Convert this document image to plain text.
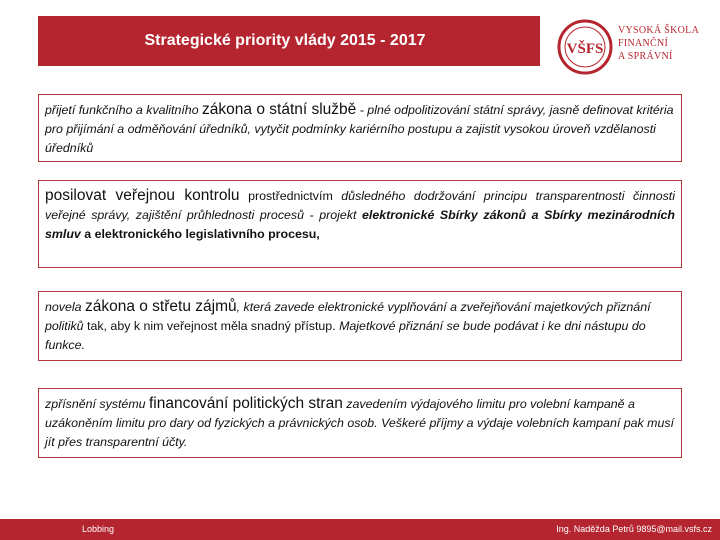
Strategické priority vlády 2015 - 2017	VŠFS
VYSOKÁ ŠKOLA
FINANČNÍ
A SPRÁVNÍ

přijetí funkčního a kvalitního zákona o státní službě - plné odpolitizování státní správy, jasně definovat kritéria pro přijímání a odměňování úředníků, vytyčit podmínky kariérního postupu a zajistit vysokou úroveň vzdělanosti úředníků

posilovat veřejnou kontrolu prostřednictvím důsledného dodržování principu transparentnosti činnosti veřejné správy, zajištění průhlednosti procesů - projekt elektronické Sbírky zákonů a Sbírky mezinárodních smluv a elektronického legislativního procesu,

novela zákona o střetu zájmů, která zavede elektronické vyplňování a zveřejňování majetkových přiznání politiků tak, aby k nim veřejnost měla snadný přístup. Majetkové přiznání se bude podávat i ke dni nástupu do funkce.

zpřísnění systému financování politických stran zavedením výdajového limitu pro volební kampaně a uzákoněním limitu pro dary od fyzických a právnických osob. Veškeré příjmy a výdaje volebních kampaní pak musí jít přes transparentní účty.

Lobbing	Ing. Naděžda Petrů 9895@mail.vsfs.cz
